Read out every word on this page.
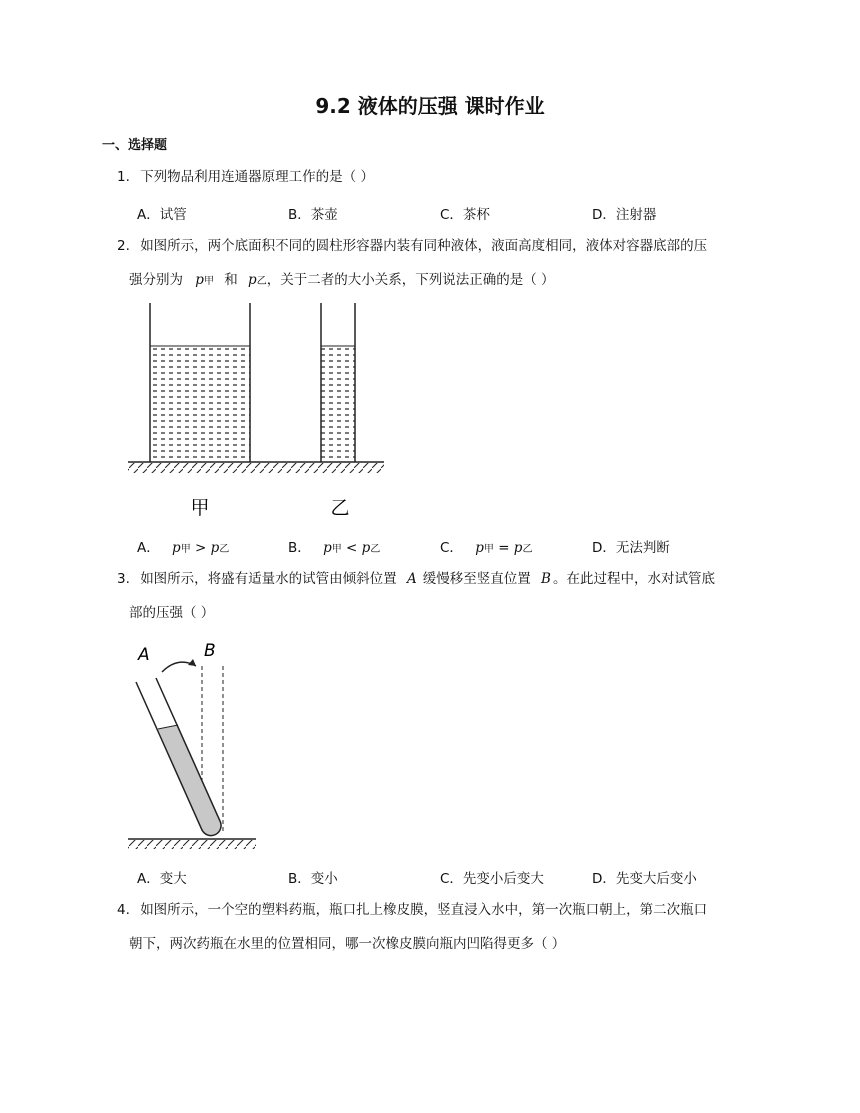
9.2 液体的压强 课时作业
一、选择题
1. 下列物品利用连通器原理工作的是（ ）
A．试管	B．茶壶	C．茶杯	D．注射器
2. 如图所示，两个底面积不同的圆柱形容器内装有同种液体，液面高度相同，液体对容器底部的压
强分别为 p甲 和 p乙，关于二者的大小关系，下列说法正确的是（ ）
甲	乙
A． p甲 > p乙	B． p甲 < p乙	C． p甲 = p乙	D．无法判断
3. 如图所示，将盛有适量水的试管由倾斜位置 A 缓慢移至竖直位置 B 。在此过程中，水对试管底
部的压强（ ）
A	B
A．变大	B．变小	C．先变小后变大	D．先变大后变小
4. 如图所示，一个空的塑料药瓶，瓶口扎上橡皮膜，竖直浸入水中，第一次瓶口朝上，第二次瓶口
朝下，两次药瓶在水里的位置相同，哪一次橡皮膜向瓶内凹陷得更多（ ）
